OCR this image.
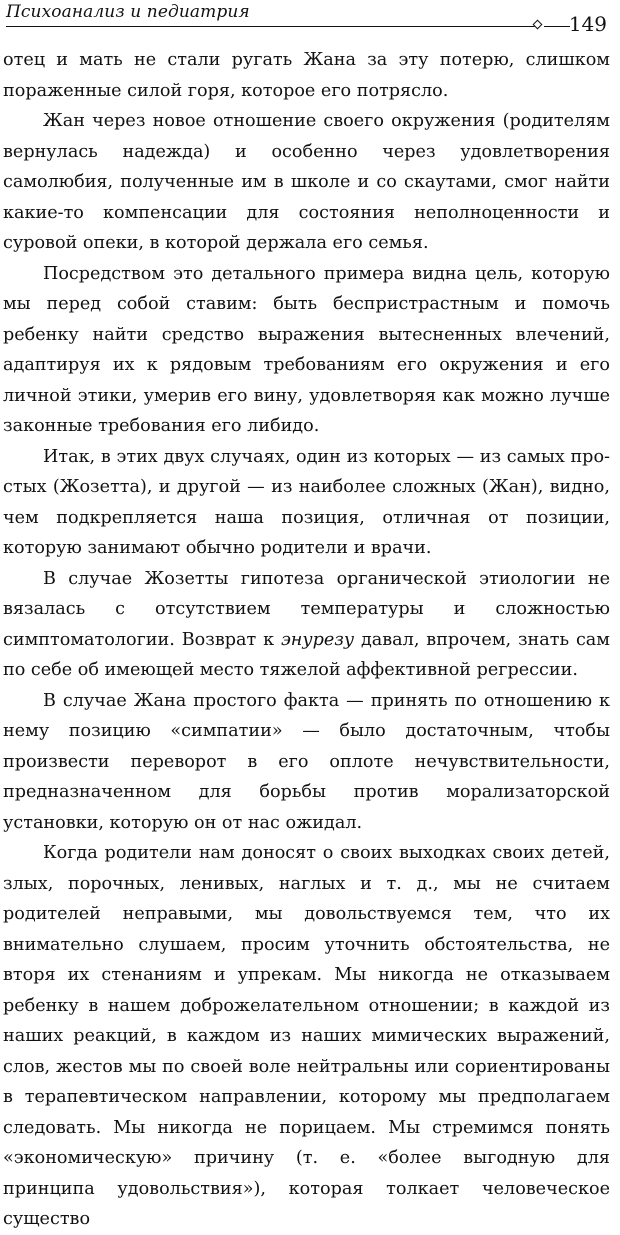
Психоанализ и педиатрия	149

отец и мать не стали ругать Жана за эту потерю, слишком пораженные силой горя, которое его потрясло.

Жан через новое отношение своего окружения (родителям вернулась надежда) и особенно через удовлетворения самолюбия, полученные им в школе и со скаутами, смог найти какие-то компенсации для состояния неполноценности и суровой опеки, в которой держала его семья.

Посредством это детального примера видна цель, которую мы перед собой ставим: быть беспристрастным и помочь ребенку найти средство выражения вытесненных влечений, адаптируя их к рядовым требованиям его окружения и его личной этики, умерив его вину, удовлетворяя как можно лучше законные требования его либидо.

Итак, в этих двух случаях, один из которых — из самых простых (Жозетта), и другой — из наиболее сложных (Жан), видно, чем подкрепляется наша позиция, отличная от позиции, которую занимают обычно родители и врачи.

В случае Жозетты гипотеза органической этиологии не вязалась с отсутствием температуры и сложностью симптоматологии. Возврат к энурезу давал, впрочем, знать сам по себе об имеющей место тяжелой аффективной регрессии.

В случае Жана простого факта — принять по отношению к нему позицию «симпатии» — было достаточным, чтобы произвести переворот в его оплоте нечувствительности, предназначенном для борьбы против морализаторской установки, которую он от нас ожидал.

Когда родители нам доносят о своих выходках своих детей, злых, порочных, ленивых, наглых и т. д., мы не считаем родителей неправыми, мы довольствуемся тем, что их внимательно слушаем, просим уточнить обстоятельства, не вторя их стенаниям и упрекам. Мы никогда не отказываем ребенку в нашем доброжелательном отношении; в каждой из наших реакций, в каждом из наших мимических выражений, слов, жестов мы по своей воле нейтральны или сориентированы в терапевтическом направлении, которому мы предполагаем следовать. Мы никогда не порицаем. Мы стремимся понять «экономическую» причину (т. е. «более выгодную для принципа удовольствия»), которая толкает человеческое существо
